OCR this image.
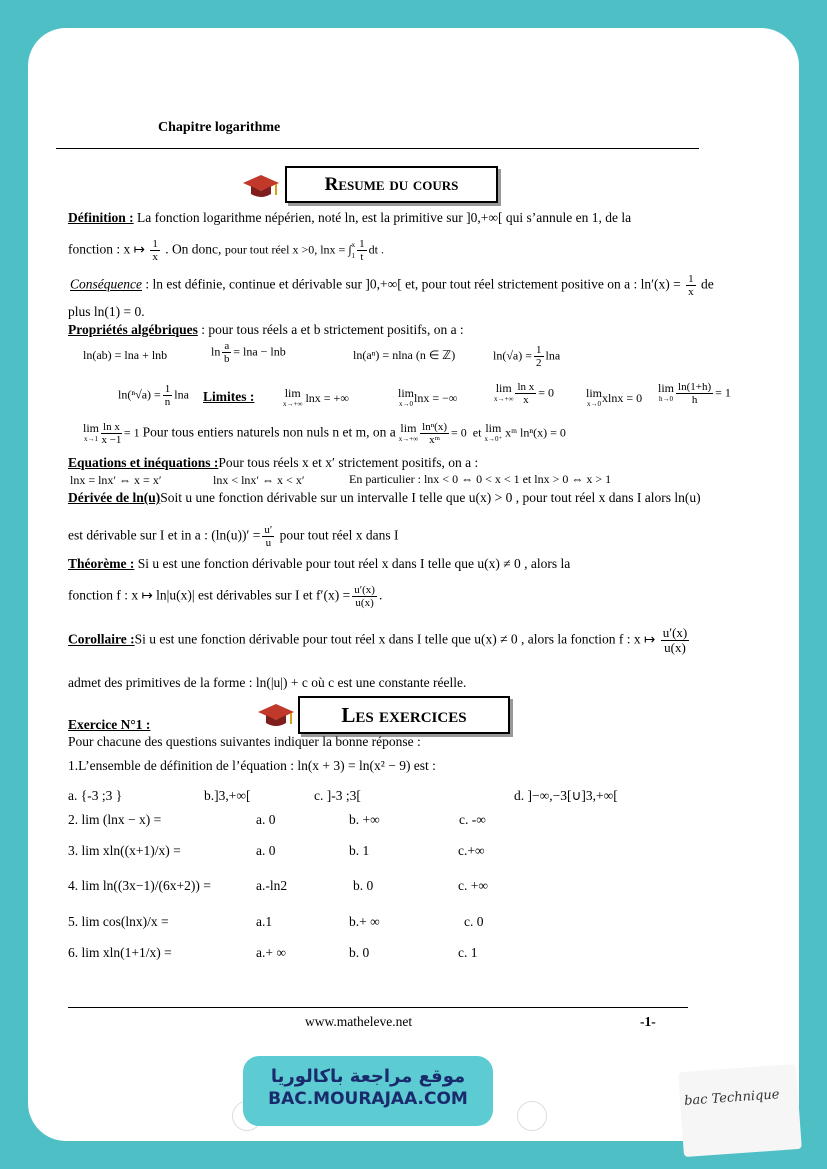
Chapitre logarithme
Resume du cours
Définition : La fonction logarithme népérien, noté ln, est la primitive sur ]0,+∞[ qui s’annule en 1, de la
fonction : x ↦ $\frac{1}{x}$ . On donc, pour tout réel x >0, lnx = ∫ x
$1 \frac{1}{t}$ dt .
Conséquence : ln est définie, continue et dérivable sur ]0,+∞[ et, pour tout réel strictement positive on a : $\ln'(x) = \frac{1}{x}$ de
plus ln(1) = 0.
Propriétés algébriques : pour tous réels a et b strictement positifs, on a :
ln(ab) = lna + lnb	$\ln \frac{a}{b} = \ln a - \ln b$	ln(aⁿ) = nlna (n ∈ ℤ)	$\ln(√a) = \frac{1}{2}$ lna
$\ln(^n√a) = \frac{1}{n}$ lna Limites :	lim
x→+∞ lnx = +∞	lim
x→0 lnx = −∞
lim
$x\to+\infty \frac{\text{ln x}}{x} = 0$	lim
x→0 xlnx = 0
lim
$h\to 0 \frac{\ln(1+h)}{h} = 1$
lim
$x\to 1 \frac{\text{ln x}}{x -1} = 1$ Pour tous entiers naturels non nuls n et m, on a lim
$x\to+\infty \frac{\text{lnⁿ(x)}}{\text{xᵐ}} = 0$ et lim
x→0⁺ xᵐ lnⁿ(x) = 0
Equations et inéquations :Pour tous réels x et x′ strictement positifs, on a :
lnx = lnx′ ⇔ x = x′	lnx < lnx′ ⇔ x < x′	En particulier : lnx < 0 ⇔ 0 < x < 1 et lnx > 0 ⇔ x > 1
Dérivée de ln(u)Soit u une fonction dérivable sur un intervalle I telle que u(x) > 0 , pour tout réel x dans I alors ln(u)
est dérivable sur I et in a : $(\ln(u))' = \frac{u'}{u}$ pour tout réel x dans I
Théorème : Si u est une fonction dérivable pour tout réel x dans I telle que u(x) ≠ 0 , alors la
fonction f : x ↦ ln|u(x)| est dérivables sur I et $f'(x) = \frac{u'(x)}{u(x)}$ .
Corollaire :Si u est une fonction dérivable pour tout réel x dans I telle que u(x) ≠ 0 , alors la fonction f : x ↦ $\frac{u'(x)}{u(x)}$
admet des primitives de la forme : ln(|u|) + c où c est une constante réelle.
Les exercices
Exercice N°1 :
Pour chacune des questions suivantes indiquer la bonne réponse :
1.L’ensemble de définition de l’équation : ln(x + 3) = ln(x² − 9) est :
a. {-3 ;3 }	b.]3,+∞[	c. ]-3 ;3[	d. ]−∞,−3[∪]3,+∞[
2. lim (lnx − x) =	a. 0	b. +∞	c. -∞
3. lim xln((x+1)/x) =	a. 0	b. 1	c.+∞
4. lim ln((3x−1)/(6x+2)) =	a.-ln2	b. 0	c. +∞
5. lim cos(lnx)/x =	a.1	b.+ ∞	c. 0
6. lim xln(1+1/x) =	a.+ ∞	b. 0	c. 1
www.matheleve.net	-1-
موقع مراجعة باكالوريا
BAC.MOURAJAA.COM	bac Technique
